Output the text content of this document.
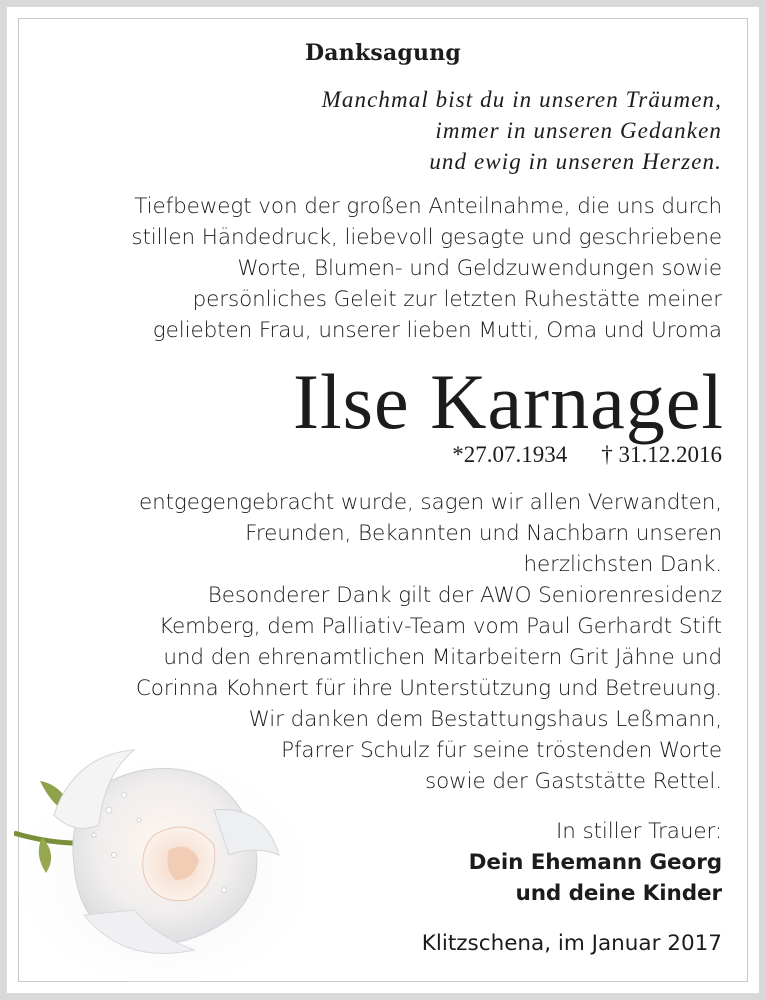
Danksagung
Manchmal bist du in unseren Träumen,
immer in unseren Gedanken
und ewig in unseren Herzen.
Tiefbewegt von der großen Anteilnahme, die uns durch
stillen Händedruck, liebevoll gesagte und geschriebene
Worte, Blumen- und Geldzuwendungen sowie
persönliches Geleit zur letzten Ruhestätte meiner
geliebten Frau, unserer lieben Mutti, Oma und Uroma
Ilse Karnagel
*27.07.1934 † 31.12.2016
entgegengebracht wurde, sagen wir allen Verwandten,
Freunden, Bekannten und Nachbarn unseren
herzlichsten Dank.
Besonderer Dank gilt der AWO Seniorenresidenz
Kemberg, dem Palliativ-Team vom Paul Gerhardt Stift
und den ehrenamtlichen Mitarbeitern Grit Jähne und
Corinna Kohnert für ihre Unterstützung und Betreuung.
Wir danken dem Bestattungshaus Leßmann,
Pfarrer Schulz für seine tröstenden Worte
sowie der Gaststätte Rettel.
In stiller Trauer:
Dein Ehemann Georg
und deine Kinder
Klitzschena, im Januar 2017
